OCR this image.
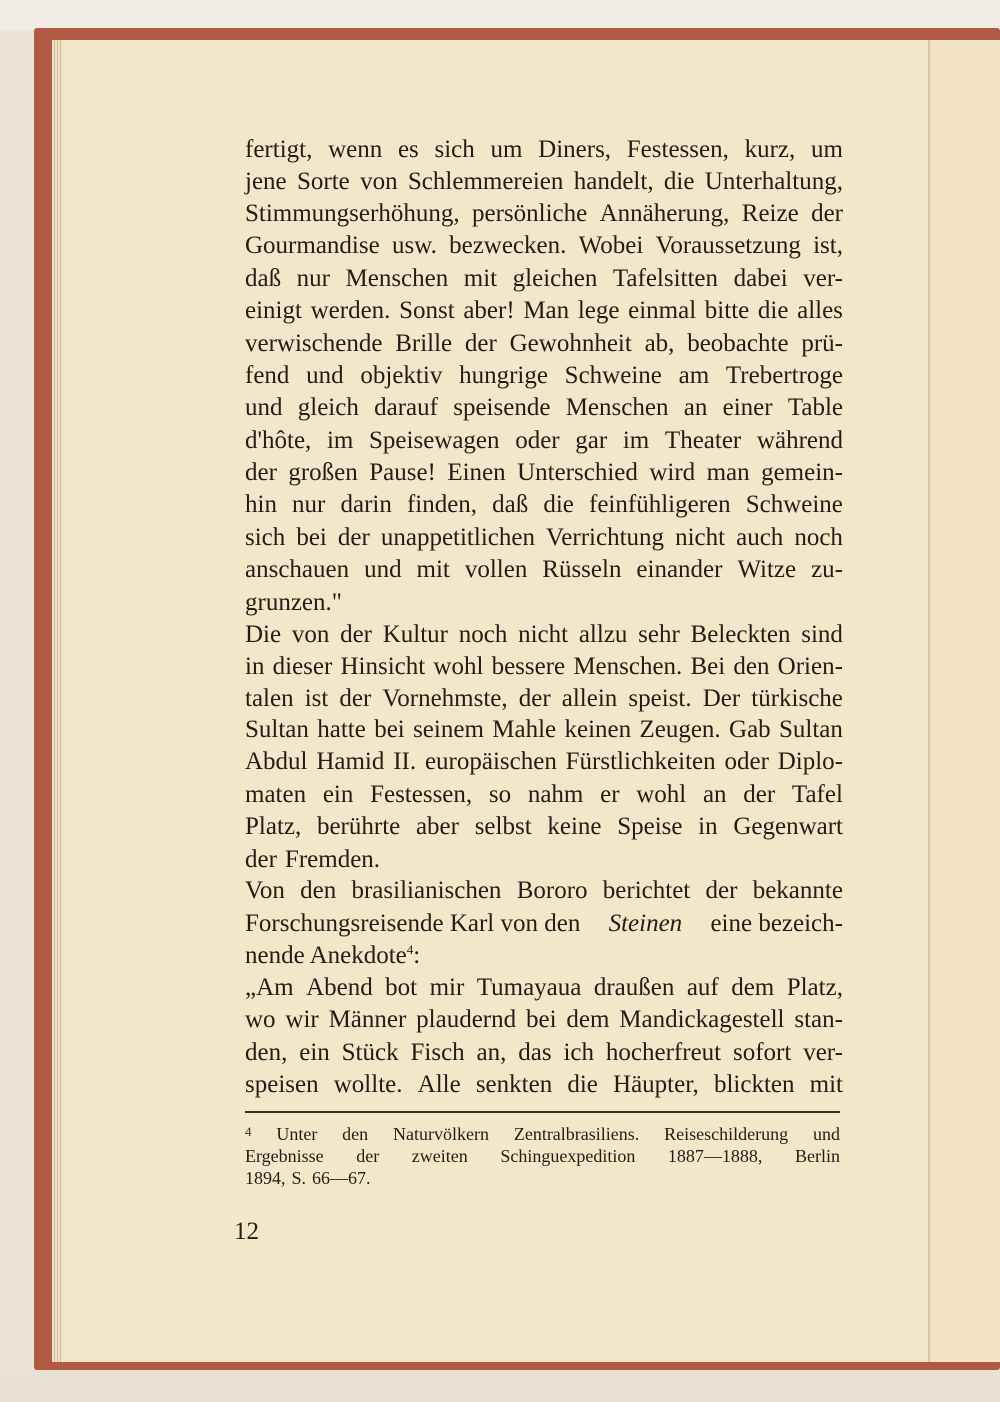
fertigt, wenn es sich um Diners, Festessen, kurz, um
jene Sorte von Schlemmereien handelt, die Unterhaltung,
Stimmungserhöhung, persönliche Annäherung, Reize der
Gourmandise usw. bezwecken. Wobei Voraussetzung ist,
daß nur Menschen mit gleichen Tafelsitten dabei ver-
einigt werden. Sonst aber! Man lege einmal bitte die alles
verwischende Brille der Gewohnheit ab, beobachte prü-
fend und objektiv hungrige Schweine am Trebertroge
und gleich darauf speisende Menschen an einer Table
d'hôte, im Speisewagen oder gar im Theater während
der großen Pause! Einen Unterschied wird man gemein-
hin nur darin finden, daß die feinfühligeren Schweine
sich bei der unappetitlichen Verrichtung nicht auch noch
anschauen und mit vollen Rüsseln einander Witze zu-
grunzen."
Die von der Kultur noch nicht allzu sehr Beleckten sind
in dieser Hinsicht wohl bessere Menschen. Bei den Orien-
talen ist der Vornehmste, der allein speist. Der türkische
Sultan hatte bei seinem Mahle keinen Zeugen. Gab Sultan
Abdul Hamid II. europäischen Fürstlichkeiten oder Diplo-
maten ein Festessen, so nahm er wohl an der Tafel
Platz, berührte aber selbst keine Speise in Gegenwart
der Fremden.
Von den brasilianischen Bororo berichtet der bekannte
Forschungsreisende Karl von den Steinen eine bezeich-
nende Anekdote 4 :
„Am Abend bot mir Tumayaua draußen auf dem Platz,
wo wir Männer plaudernd bei dem Mandickagestell stan-
den, ein Stück Fisch an, das ich hocherfreut sofort ver-
speisen wollte. Alle senkten die Häupter, blickten mit
4 Unter den Naturvölkern Zentralbrasiliens. Reiseschilderung und
Ergebnisse der zweiten Schinguexpedition 1887—1888, Berlin
1894, S. 66—67.
12
